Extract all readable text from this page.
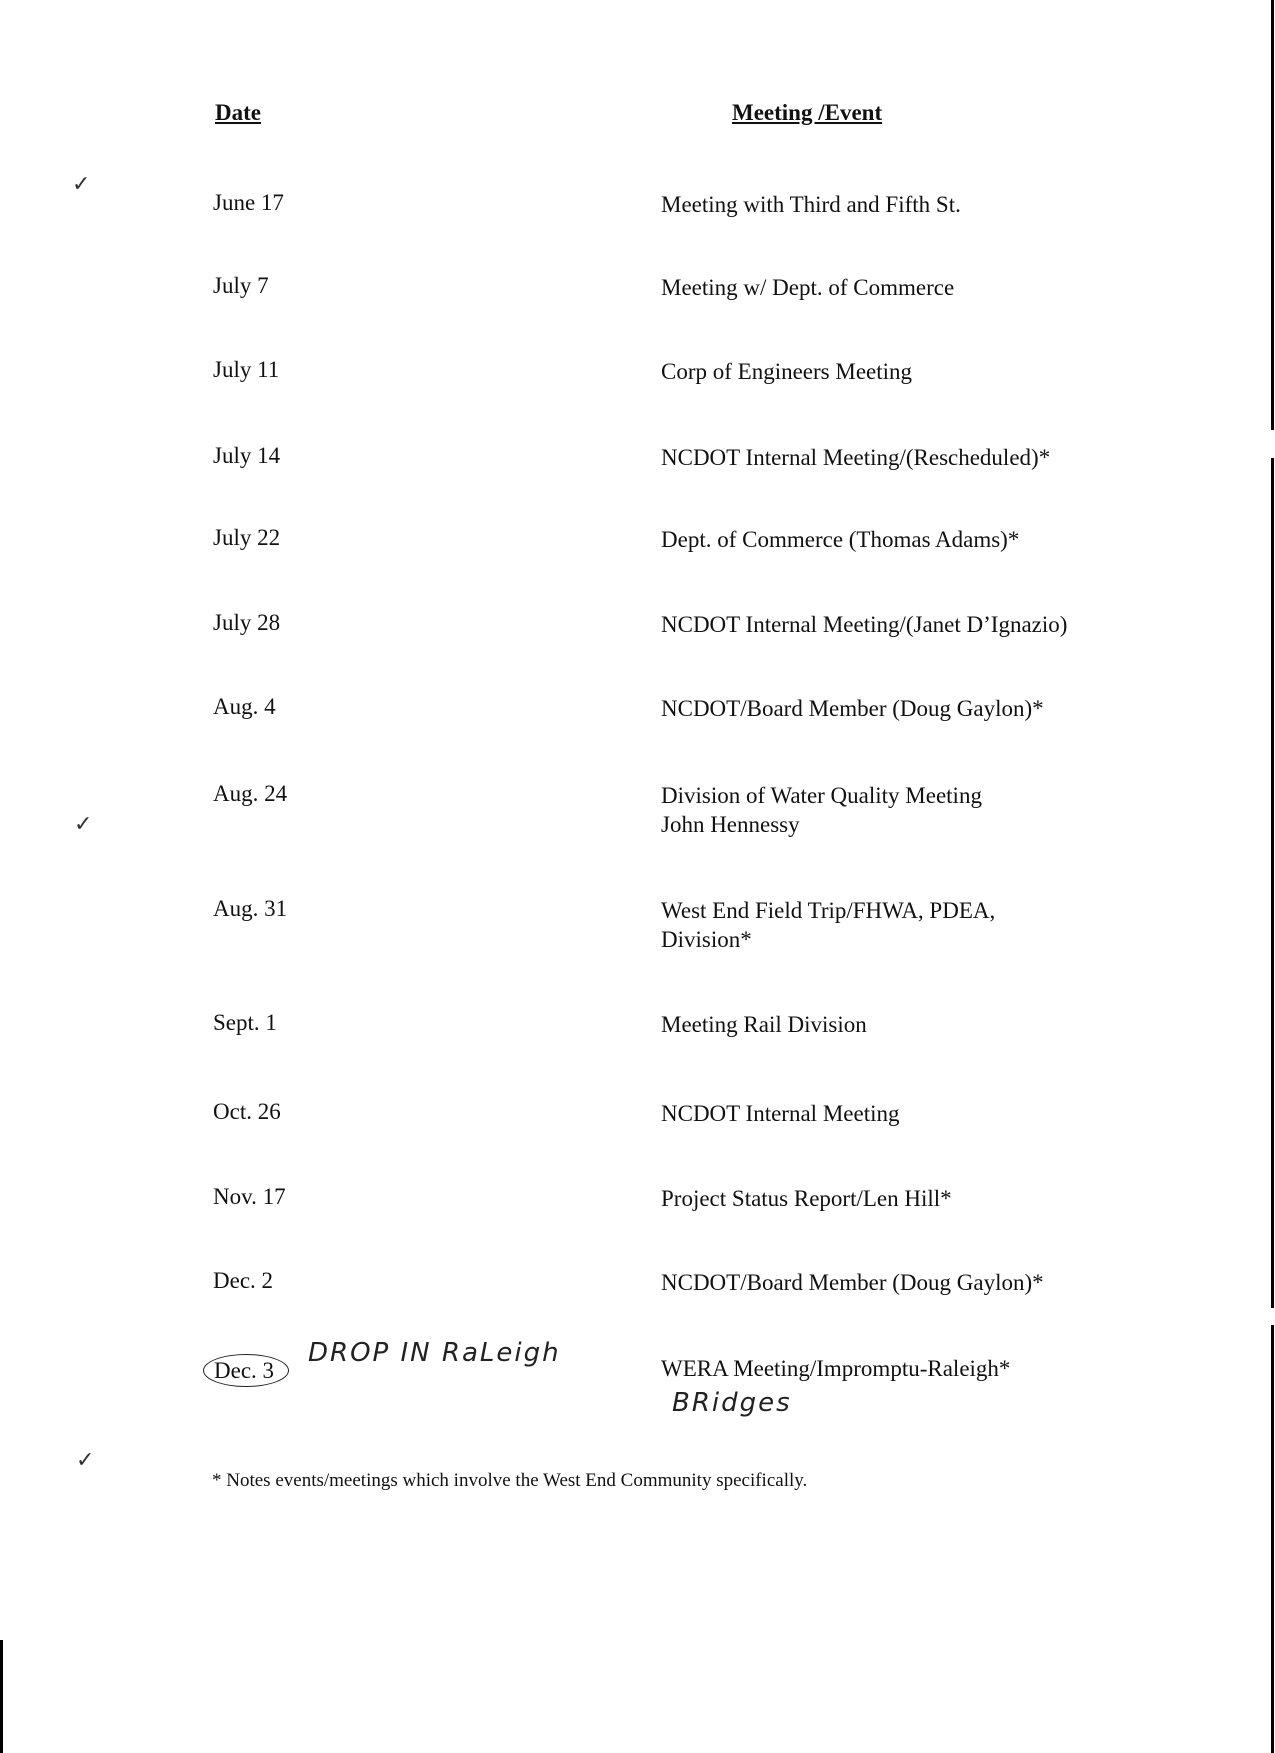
Date	Meeting /Event
June 17	Meeting with Third and Fifth St.
July 7	Meeting w/ Dept. of Commerce
July 11	Corp of Engineers Meeting
July 14	NCDOT Internal Meeting/(Rescheduled)*
July 22	Dept. of Commerce (Thomas Adams)*
July 28	NCDOT Internal Meeting/(Janet D’Ignazio)
Aug. 4	NCDOT/Board Member (Doug Gaylon)*
Aug. 24	Division of Water Quality Meeting
John Hennessy
Aug. 31	West End Field Trip/FHWA, PDEA,
Division*
Sept. 1	Meeting Rail Division
Oct. 26	NCDOT Internal Meeting
Nov. 17	Project Status Report/Len Hill*
Dec. 2	NCDOT/Board Member (Doug Gaylon)*
Dec. 3	WERA Meeting/Impromptu-Raleigh*
DROP IN RaLeigh
BRidges
* Notes events/meetings which involve the West End Community specifically.
✓
✓
✓
